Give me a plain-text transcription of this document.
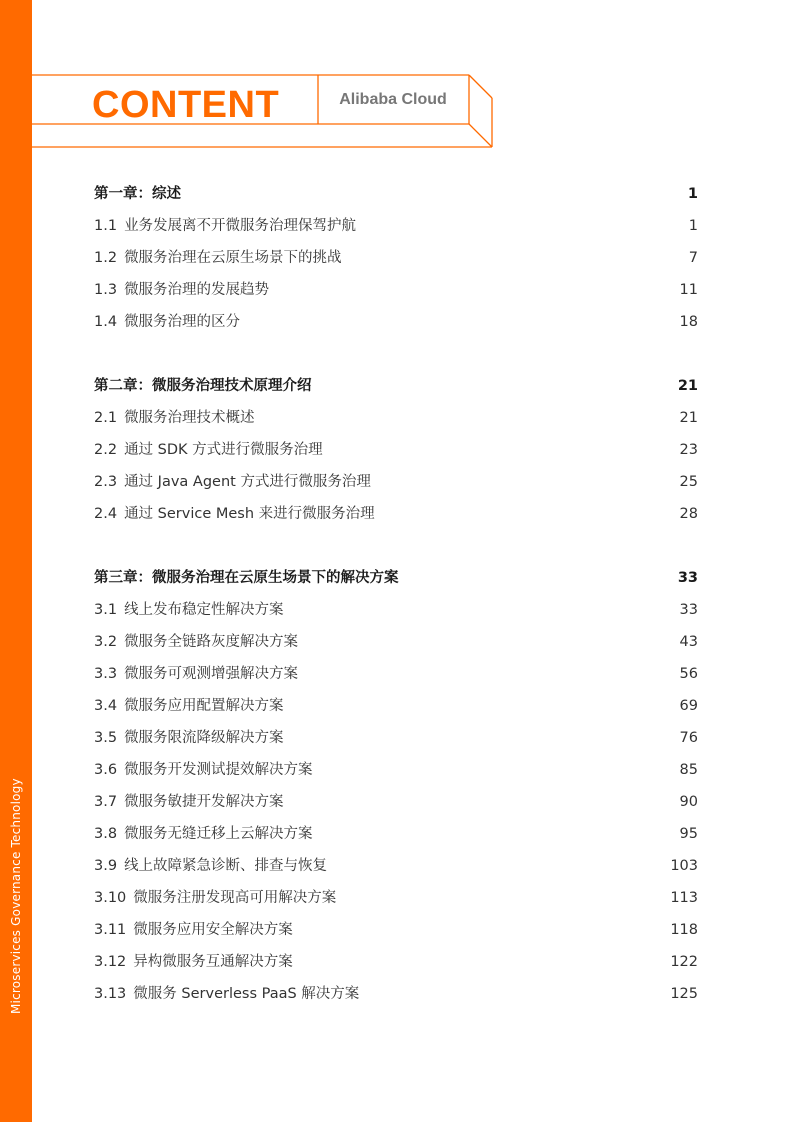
Microservices Governance Technology
CONTENT	Alibaba Cloud
第一章：综述	1
1.1 业务发展离不开微服务治理保驾护航	1
1.2 微服务治理在云原生场景下的挑战	7
1.3 微服务治理的发展趋势	11
1.4 微服务治理的区分	18
第二章：微服务治理技术原理介绍	21
2.1 微服务治理技术概述	21
2.2 通过 SDK 方式进行微服务治理	23
2.3 通过 Java Agent 方式进行微服务治理	25
2.4 通过 Service Mesh 来进行微服务治理	28
第三章：微服务治理在云原生场景下的解决方案	33
3.1 线上发布稳定性解决方案	33
3.2 微服务全链路灰度解决方案	43
3.3 微服务可观测增强解决方案	56
3.4 微服务应用配置解决方案	69
3.5 微服务限流降级解决方案	76
3.6 微服务开发测试提效解决方案	85
3.7 微服务敏捷开发解决方案	90
3.8 微服务无缝迁移上云解决方案	95
3.9 线上故障紧急诊断、排查与恢复	103
3.10 微服务注册发现高可用解决方案	113
3.11 微服务应用安全解决方案	118
3.12 异构微服务互通解决方案	122
3.13 微服务 Serverless PaaS 解决方案	125
